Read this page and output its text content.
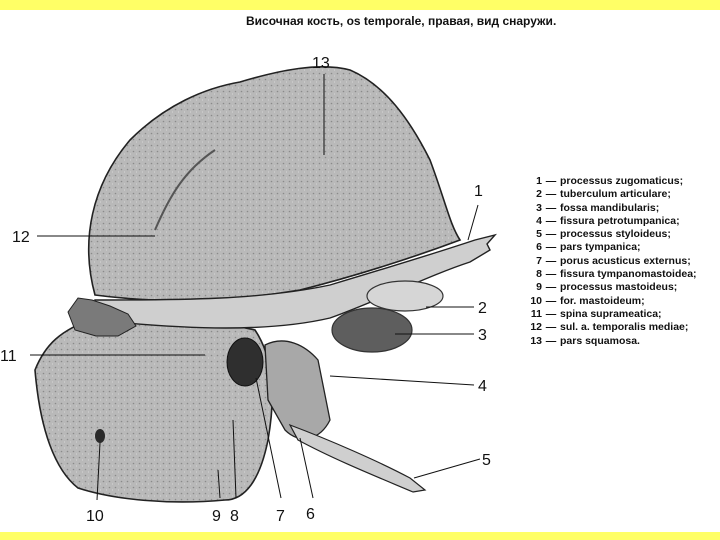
Височная кость, os temporale, правая, вид снаружи.
1
2
3
4
5
6
7
8
9
10
11
12
13
1 — processus zugomaticus;
2 — tuberculum articulare;
3 — fossa mandibularis;
4 — fissura petrotumpanica;
5 — processus styloideus;
6 — pars tympanica;
7 — porus acusticus externus;
8 — fissura tympanomastoidea;
9 — processus mastoideus;
10 — for. mastoideum;
11 — spina suprameatica;
12 — sul. a. temporalis mediae;
13 — pars squamosa.
